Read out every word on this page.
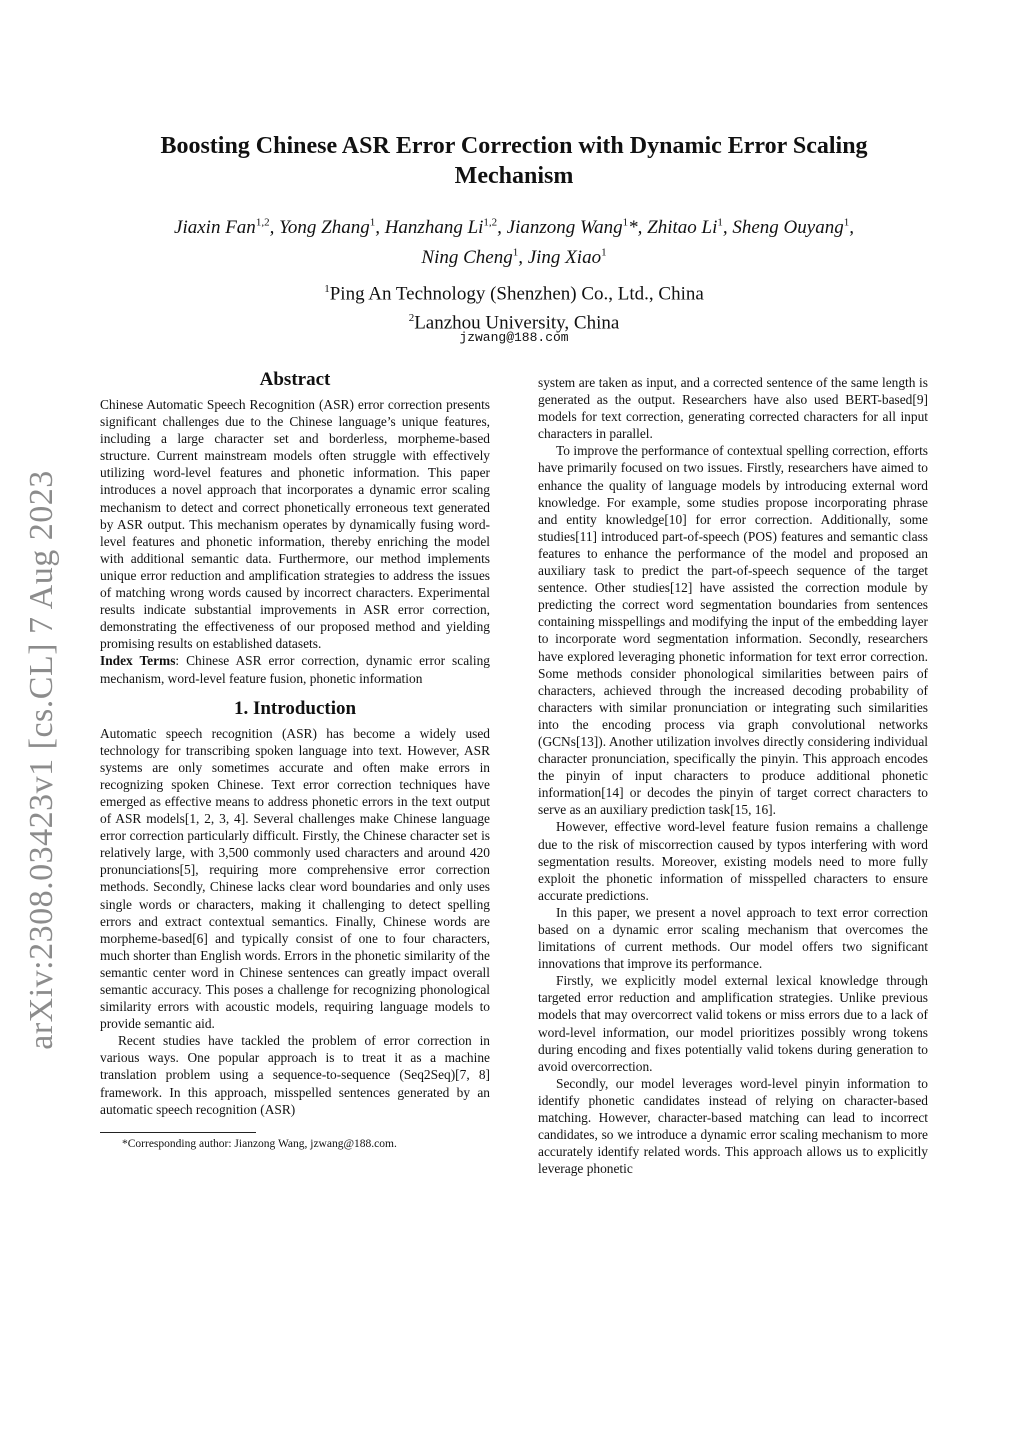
arXiv:2308.03423v1 [cs.CL] 7 Aug 2023
Boosting Chinese ASR Error Correction with Dynamic Error Scaling Mechanism
Jiaxin Fan$^{1,2}$, Yong Zhang$^1$, Hanzhang Li$^{1,2}$, Jianzong Wang$^1$*, Zhitao Li$^1$, Sheng Ouyang$^1$,
Ning Cheng$^1$, Jing Xiao$^1$
$^1$Ping An Technology (Shenzhen) Co., Ltd., China
$^2$Lanzhou University, China
jzwang@188.com
Abstract

Chinese Automatic Speech Recognition (ASR) error correction presents significant challenges due to the Chinese language’s unique features, including a large character set and borderless, morpheme-based structure. Current mainstream models often struggle with effectively utilizing word-level features and phonetic information. This paper introduces a novel approach that incorporates a dynamic error scaling mechanism to detect and correct phonetically erroneous text generated by ASR output. This mechanism operates by dynamically fusing word-level features and phonetic information, thereby enriching the model with additional semantic data. Furthermore, our method implements unique error reduction and amplification strategies to address the issues of matching wrong words caused by incorrect characters. Experimental results indicate substantial improvements in ASR error correction, demonstrating the effectiveness of our proposed method and yielding promising results on established datasets.

Index Terms: Chinese ASR error correction, dynamic error scaling mechanism, word-level feature fusion, phonetic information

1. Introduction

Automatic speech recognition (ASR) has become a widely used technology for transcribing spoken language into text. However, ASR systems are only sometimes accurate and often make errors in recognizing spoken Chinese. Text error correction techniques have emerged as effective means to address phonetic errors in the text output of ASR models[1, 2, 3, 4]. Several challenges make Chinese language error correction particularly difficult. Firstly, the Chinese character set is relatively large, with 3,500 commonly used characters and around 420 pronunciations[5], requiring more comprehensive error correction methods. Secondly, Chinese lacks clear word boundaries and only uses single words or characters, making it challenging to detect spelling errors and extract contextual semantics. Finally, Chinese words are morpheme-based[6] and typically consist of one to four characters, much shorter than English words. Errors in the phonetic similarity of the semantic center word in Chinese sentences can greatly impact overall semantic accuracy. This poses a challenge for recognizing phonological similarity errors with acoustic models, requiring language models to provide semantic aid.

Recent studies have tackled the problem of error correction in various ways. One popular approach is to treat it as a machine translation problem using a sequence-to-sequence (Seq2Seq)[7, 8] framework. In this approach, misspelled sentences generated by an automatic speech recognition (ASR)

*Corresponding author: Jianzong Wang, jzwang@188.com.

system are taken as input, and a corrected sentence of the same length is generated as the output. Researchers have also used BERT-based[9] models for text correction, generating corrected characters for all input characters in parallel.

To improve the performance of contextual spelling correction, efforts have primarily focused on two issues. Firstly, researchers have aimed to enhance the quality of language models by introducing external word knowledge. For example, some studies propose incorporating phrase and entity knowledge[10] for error correction. Additionally, some studies[11] introduced part-of-speech (POS) features and semantic class features to enhance the performance of the model and proposed an auxiliary task to predict the part-of-speech sequence of the target sentence. Other studies[12] have assisted the correction module by predicting the correct word segmentation boundaries from sentences containing misspellings and modifying the input of the embedding layer to incorporate word segmentation information. Secondly, researchers have explored leveraging phonetic information for text error correction. Some methods consider phonological similarities between pairs of characters, achieved through the increased decoding probability of characters with similar pronunciation or integrating such similarities into the encoding process via graph convolutional networks (GCNs[13]). Another utilization involves directly considering individual character pronunciation, specifically the pinyin. This approach encodes the pinyin of input characters to produce additional phonetic information[14] or decodes the pinyin of target correct characters to serve as an auxiliary prediction task[15, 16].

However, effective word-level feature fusion remains a challenge due to the risk of miscorrection caused by typos interfering with word segmentation results. Moreover, existing models need to more fully exploit the phonetic information of misspelled characters to ensure accurate predictions.

In this paper, we present a novel approach to text error correction based on a dynamic error scaling mechanism that overcomes the limitations of current methods. Our model offers two significant innovations that improve its performance.

Firstly, we explicitly model external lexical knowledge through targeted error reduction and amplification strategies. Unlike previous models that may overcorrect valid tokens or miss errors due to a lack of word-level information, our model prioritizes possibly wrong tokens during encoding and fixes potentially valid tokens during generation to avoid overcorrection.

Secondly, our model leverages word-level pinyin information to identify phonetic candidates instead of relying on character-based matching. However, character-based matching can lead to incorrect candidates, so we introduce a dynamic error scaling mechanism to more accurately identify related words. This approach allows us to explicitly leverage phonetic
